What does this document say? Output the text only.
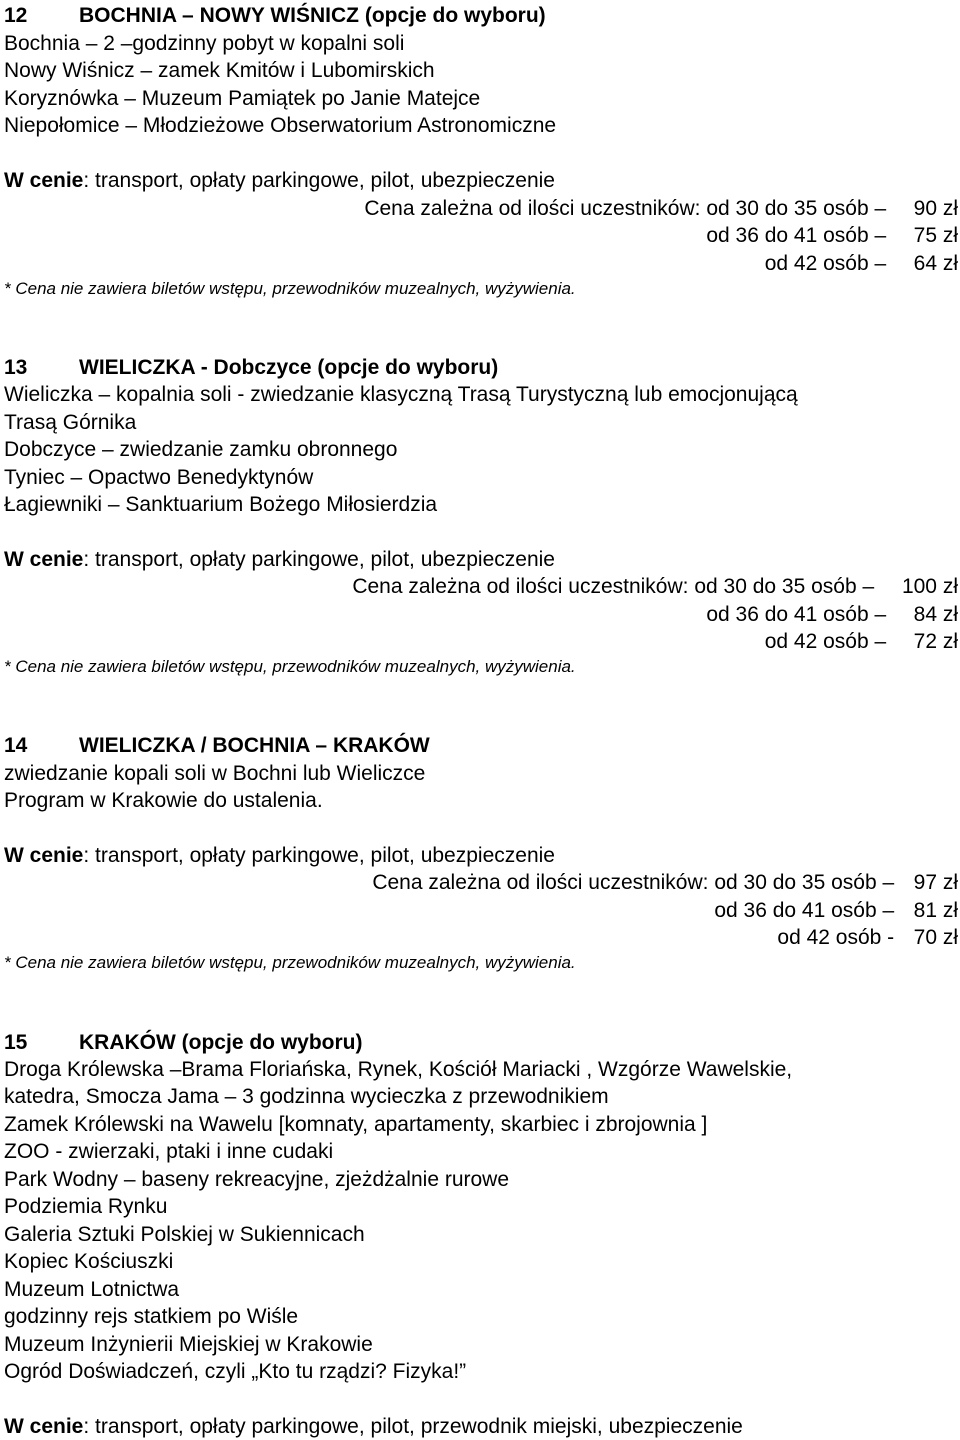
12 BOCHNIA – NOWY WIŚNICZ (opcje do wyboru)
Bochnia – 2 –godzinny pobyt w kopalni soli
Nowy Wiśnicz – zamek Kmitów i Lubomirskich
Koryznówka – Muzeum Pamiątek po Janie Matejce
Niepołomice – Młodzieżowe Obserwatorium Astronomiczne
W cenie: transport, opłaty parkingowe, pilot, ubezpieczenie
Cena zależna od ilości uczestników: od 30 do 35 osób – 90 zł
od 36 do 41 osób – 75 zł
od 42 osób – 64 zł
* Cena nie zawiera biletów wstępu, przewodników muzealnych, wyżywienia.
13 WIELICZKA - Dobczyce (opcje do wyboru)
Wieliczka – kopalnia soli - zwiedzanie klasyczną Trasą Turystyczną lub emocjonującą
Trasą Górnika
Dobczyce – zwiedzanie zamku obronnego
Tyniec – Opactwo Benedyktynów
Łagiewniki – Sanktuarium Bożego Miłosierdzia
W cenie: transport, opłaty parkingowe, pilot, ubezpieczenie
Cena zależna od ilości uczestników: od 30 do 35 osób – 100 zł
od 36 do 41 osób – 84 zł
od 42 osób – 72 zł
* Cena nie zawiera biletów wstępu, przewodników muzealnych, wyżywienia.
14 WIELICZKA / BOCHNIA – KRAKÓW
zwiedzanie kopali soli w Bochni lub Wieliczce
Program w Krakowie do ustalenia.
W cenie: transport, opłaty parkingowe, pilot, ubezpieczenie
Cena zależna od ilości uczestników: od 30 do 35 osób – 97 zł
od 36 do 41 osób – 81 zł
od 42 osób - 70 zł
* Cena nie zawiera biletów wstępu, przewodników muzealnych, wyżywienia.
15 KRAKÓW (opcje do wyboru)
Droga Królewska –Brama Floriańska, Rynek, Kościół Mariacki , Wzgórze Wawelskie,
katedra, Smocza Jama – 3 godzinna wycieczka z przewodnikiem
Zamek Królewski na Wawelu [komnaty, apartamenty, skarbiec i zbrojownia ]
ZOO - zwierzaki, ptaki i inne cudaki
Park Wodny – baseny rekreacyjne, zjeżdżalnie rurowe
Podziemia Rynku
Galeria Sztuki Polskiej w Sukiennicach
Kopiec Kościuszki
Muzeum Lotnictwa
godzinny rejs statkiem po Wiśle
Muzeum Inżynierii Miejskiej w Krakowie
Ogród Doświadczeń, czyli „Kto tu rządzi? Fizyka!”
W cenie: transport, opłaty parkingowe, pilot, przewodnik miejski, ubezpieczenie
